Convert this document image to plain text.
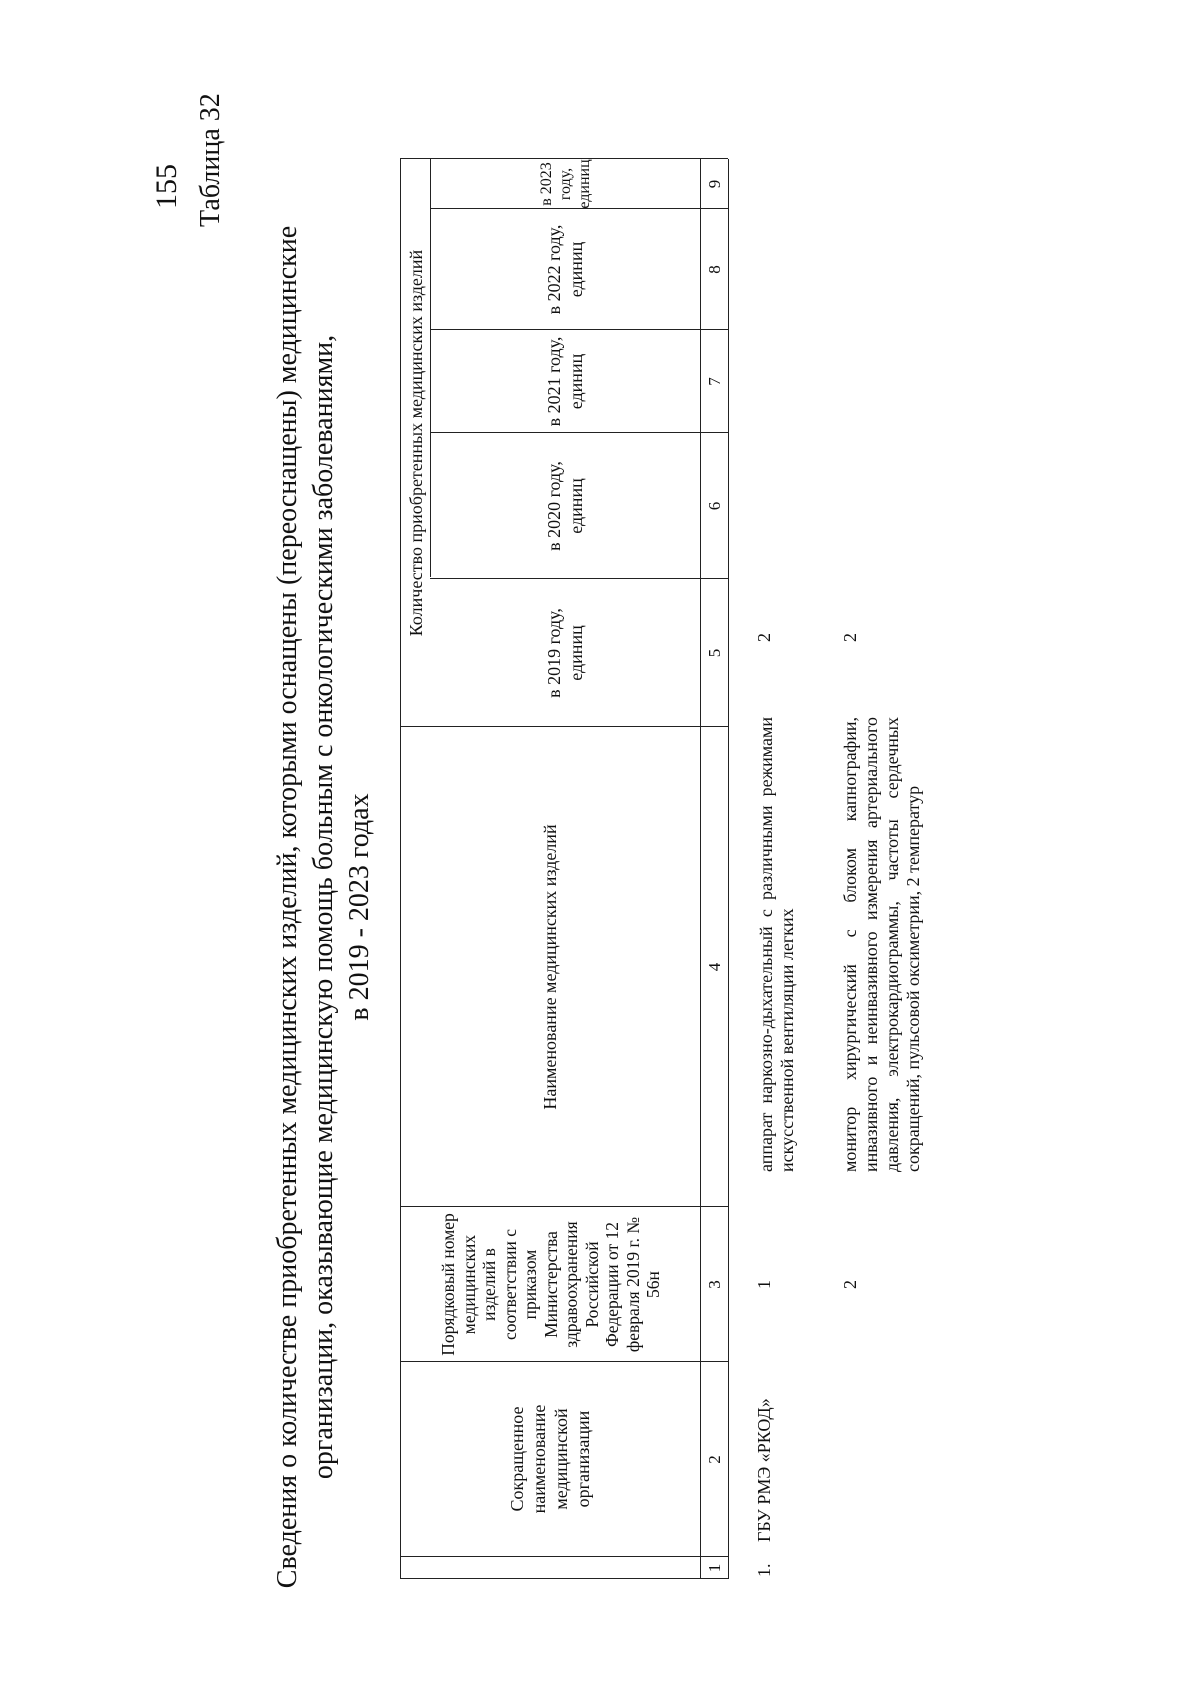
155 Таблица 32
Сведения о количестве приобретенных медицинских изделий, которыми оснащены (переоснащены) медицинские организации, оказывающие медицинскую помощь больным с онкологическими заболеваниями, в 2019 - 2023 годах
Сокращенное наименование медицинской организации
Порядковый номер медицинских изделий в соответствии с приказом Министерства здравоохранения Российской Федерации от 12 февраля 2019 г. № 56н
Наименование медицинских изделий
Количество приобретенных медицинских изделий
в 2019 году, единиц
в 2020 году, единиц
в 2021 году, единиц
в 2022 году, единиц
в 2023 году, единиц
1
2
3
4
5
6
7
8
9
1.
ГБУ РМЭ «РКОД»
1
аппарат наркозно-дыхательный с различными режимами искусственной вентиляции легких
2
2
монитор хирургический с блоком капнографии, инвазивного и неинвазивного измерения артериального давления, электрокардиограммы, частоты сердечных сокращений, пульсовой оксиметрии, 2 температур
2
